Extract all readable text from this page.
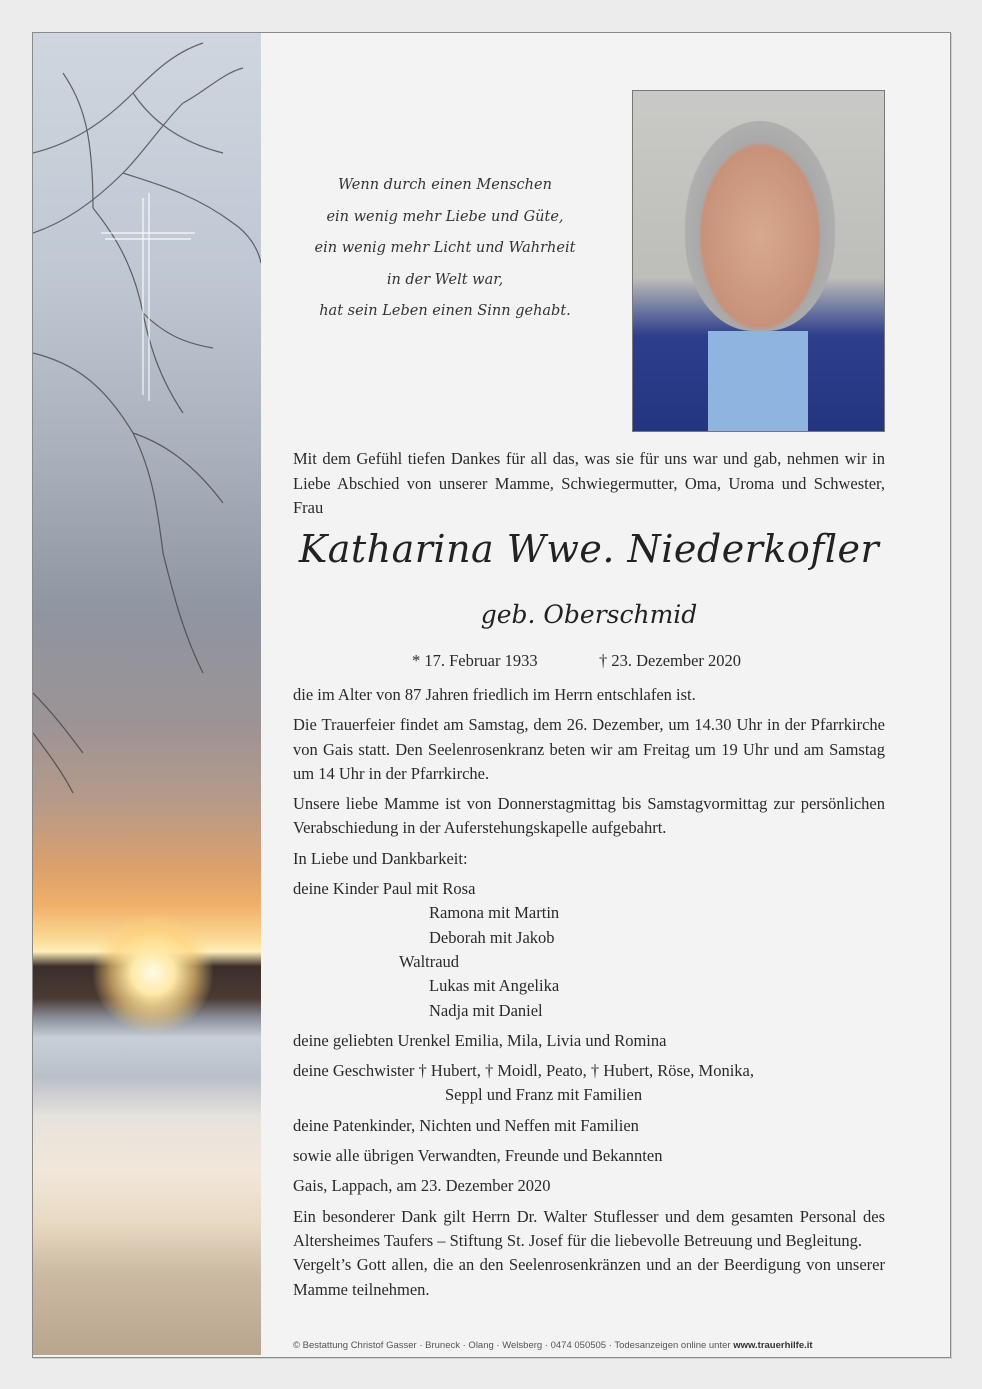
Wenn durch einen Menschen
ein wenig mehr Liebe und Güte,
ein wenig mehr Licht und Wahrheit
in der Welt war,
hat sein Leben einen Sinn gehabt.
Mit dem Gefühl tiefen Dankes für all das, was sie für uns war und gab, nehmen wir in Liebe Abschied von unserer Mamme, Schwiegermutter, Oma, Uroma und Schwester, Frau
Katharina Wwe. Niederkofler
geb. Oberschmid
* 17. Februar 1933	† 23. Dezember 2020

die im Alter von 87 Jahren friedlich im Herrn entschlafen ist.

Die Trauerfeier findet am Samstag, dem 26. Dezember, um 14.30 Uhr in der Pfarrkirche von Gais statt. Den Seelenrosenkranz beten wir am Freitag um 19 Uhr und am Samstag um 14 Uhr in der Pfarrkirche.

Unsere liebe Mamme ist von Donnerstagmittag bis Samstagvormittag zur persönlichen Verabschiedung in der Auferstehungskapelle aufgebahrt.

In Liebe und Dankbarkeit:

deine Kinder Paul mit Rosa

Ramona mit Martin

Deborah mit Jakob

Waltraud

Lukas mit Angelika

Nadja mit Daniel

deine geliebten Urenkel Emilia, Mila, Livia und Romina

deine Geschwister † Hubert, † Moidl, Peato, † Hubert, Röse, Monika,

Seppl und Franz mit Familien

deine Patenkinder, Nichten und Neffen mit Familien

sowie alle übrigen Verwandten, Freunde und Bekannten

Gais, Lappach, am 23. Dezember 2020

Ein besonderer Dank gilt Herrn Dr. Walter Stuflesser und dem gesamten Personal des Altersheimes Taufers – Stiftung St. Josef für die liebevolle Betreuung und Begleitung.

Vergelt’s Gott allen, die an den Seelenrosenkränzen und an der Beerdigung von unserer Mamme teilnehmen.

© Bestattung Christof Gasser · Bruneck · Olang · Welsberg · 0474 050505 · Todesanzeigen online unter www.trauerhilfe.it
